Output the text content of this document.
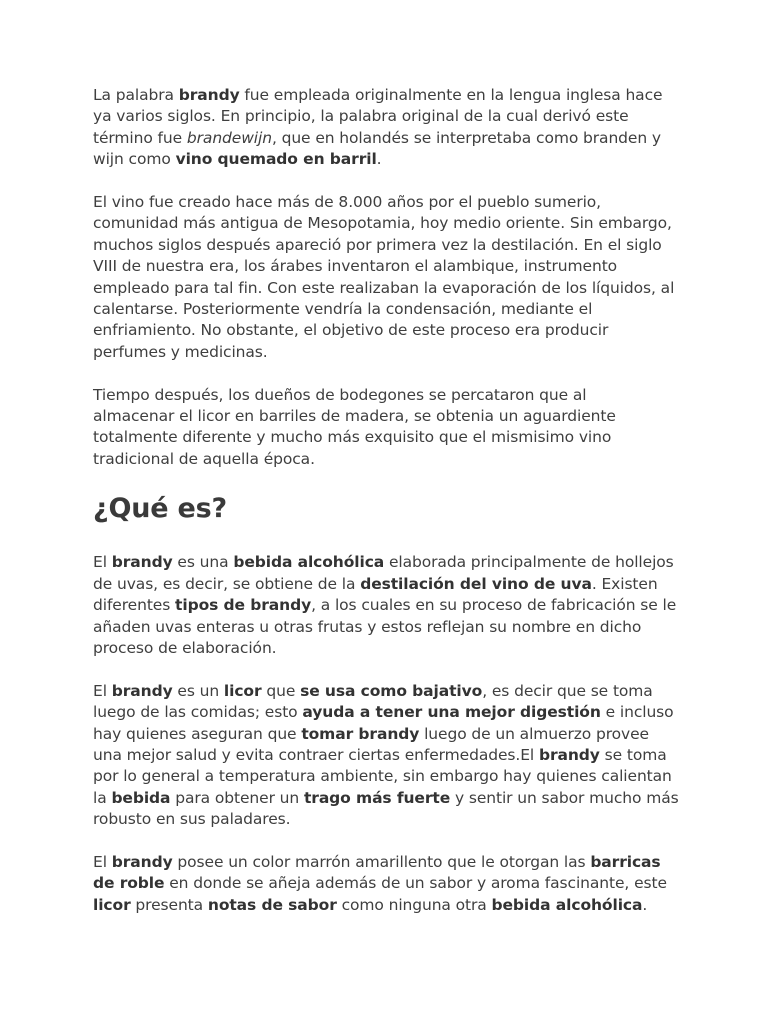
La palabra brandy fue empleada originalmente en la lengua inglesa hace
ya varios siglos. En principio, la palabra original de la cual derivó este
término fue brandewijn, que en holandés se interpretaba como branden y
wijn como vino quemado en barril.

El vino fue creado hace más de 8.000 años por el pueblo sumerio,
comunidad más antigua de Mesopotamia, hoy medio oriente. Sin embargo,
muchos siglos después apareció por primera vez la destilación. En el siglo
VIII de nuestra era, los árabes inventaron el alambique, instrumento
empleado para tal fin. Con este realizaban la evaporación de los líquidos, al
calentarse. Posteriormente vendría la condensación, mediante el
enfriamiento. No obstante, el objetivo de este proceso era producir
perfumes y medicinas.

Tiempo después, los dueños de bodegones se percataron que al
almacenar el licor en barriles de madera, se obtenia un aguardiente
totalmente diferente y mucho más exquisito que el mismisimo vino
tradicional de aquella época.

¿Qué es?

El brandy es una bebida alcohólica elaborada principalmente de hollejos
de uvas, es decir, se obtiene de la destilación del vino de uva. Existen
diferentes tipos de brandy, a los cuales en su proceso de fabricación se le
añaden uvas enteras u otras frutas y estos reflejan su nombre en dicho
proceso de elaboración.

El brandy es un licor que se usa como bajativo, es decir que se toma
luego de las comidas; esto ayuda a tener una mejor digestión e incluso
hay quienes aseguran que tomar brandy luego de un almuerzo provee
una mejor salud y evita contraer ciertas enfermedades.El brandy se toma
por lo general a temperatura ambiente, sin embargo hay quienes calientan
la bebida para obtener un trago más fuerte y sentir un sabor mucho más
robusto en sus paladares.

El brandy posee un color marrón amarillento que le otorgan las barricas
de roble en donde se añeja además de un sabor y aroma fascinante, este
licor presenta notas de sabor como ninguna otra bebida alcohólica.
